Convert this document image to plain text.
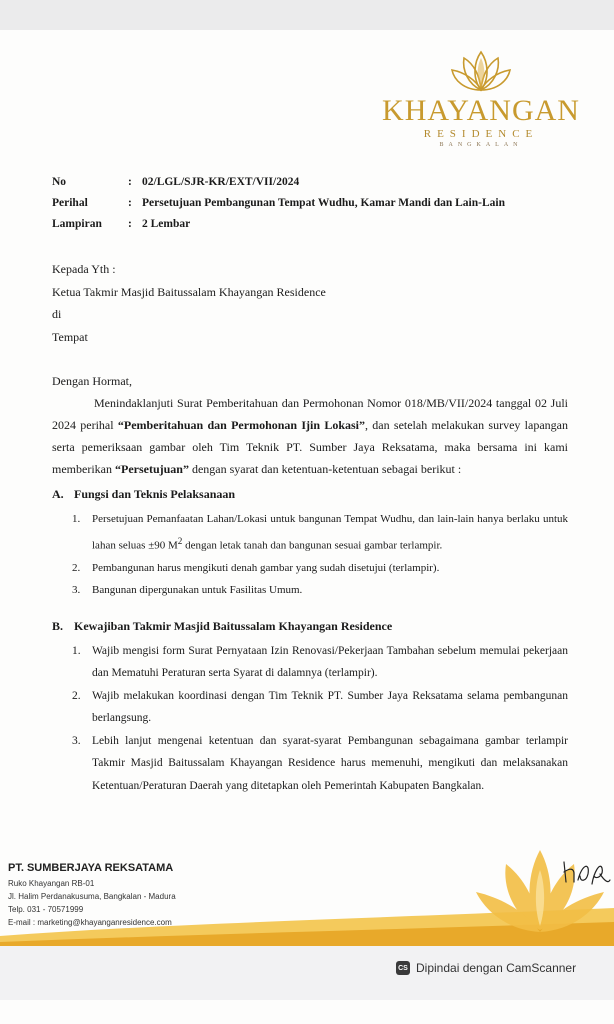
KHAYANGAN
RESIDENCE
BANGKALAN
No	: 02/LGL/SJR-KR/EXT/VII/2024
Perihal	: Persetujuan Pembangunan Tempat Wudhu, Kamar Mandi dan Lain-Lain
Lampiran	: 2 Lembar
Kepada Yth :
Ketua Takmir Masjid Baitussalam Khayangan Residence
di
Tempat
Dengan Hormat,
Menindaklanjuti Surat Pemberitahuan dan Permohonan Nomor 018/MB/VII/2024 tanggal 02 Juli 2024 perihal “Pemberitahuan dan Permohonan Ijin Lokasi”, dan setelah melakukan survey lapangan serta pemeriksaan gambar oleh Tim Teknik PT. Sumber Jaya Reksatama, maka bersama ini kami memberikan “Persetujuan” dengan syarat dan ketentuan-ketentuan sebagai berikut :
A. Fungsi dan Teknis Pelaksanaan
1. Persetujuan Pemanfaatan Lahan/Lokasi untuk bangunan Tempat Wudhu, dan lain-lain hanya berlaku untuk lahan seluas ±90 $M^2$ dengan letak tanah dan bangunan sesuai gambar terlampir.
2. Pembangunan harus mengikuti denah gambar yang sudah disetujui (terlampir).
3. Bangunan dipergunakan untuk Fasilitas Umum.
B. Kewajiban Takmir Masjid Baitussalam Khayangan Residence
1. Wajib mengisi form Surat Pernyataan Izin Renovasi/Pekerjaan Tambahan sebelum memulai pekerjaan dan Mematuhi Peraturan serta Syarat di dalamnya (terlampir).
2. Wajib melakukan koordinasi dengan Tim Teknik PT. Sumber Jaya Reksatama selama pembangunan berlangsung.
3. Lebih lanjut mengenai ketentuan dan syarat-syarat Pembangunan sebagaimana gambar terlampir Takmir Masjid Baitussalam Khayangan Residence harus memenuhi, mengikuti dan melaksanakan Ketentuan/Peraturan Daerah yang ditetapkan oleh Pemerintah Kabupaten Bangkalan.
PT. SUMBERJAYA REKSATAMA
Ruko Khayangan RB-01
Jl. Halim Perdanakusuma, Bangkalan - Madura
Telp. 031 - 70571999
E-mail : marketing@khayanganresidence.com
CS Dipindai dengan CamScanner
